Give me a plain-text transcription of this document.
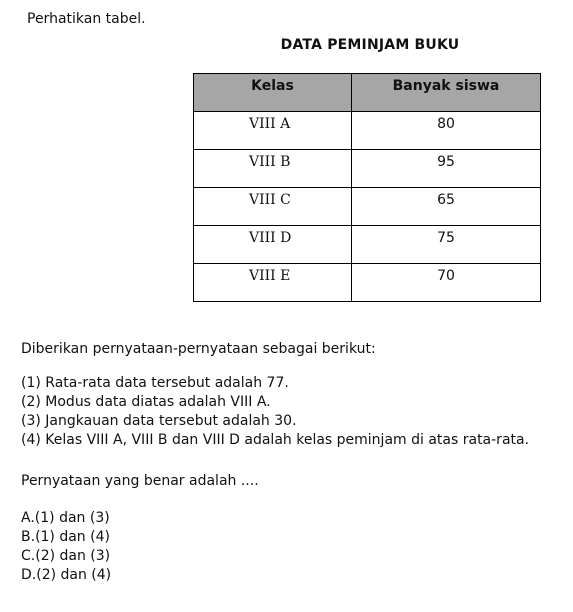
Perhatikan tabel.
DATA PEMINJAM BUKU
Kelas	Banyak siswa
VIII A	80
VIII B	95
VIII C	65
VIII D	75
VIII E	70
Diberikan pernyataan-pernyataan sebagai berikut:
(1) Rata-rata data tersebut adalah 77.
(2) Modus data diatas adalah VIII A.
(3) Jangkauan data tersebut adalah 30.
(4) Kelas VIII A, VIII B dan VIII D adalah kelas peminjam di atas rata-rata.
Pernyataan yang benar adalah ....
A.(1) dan (3)
B.(1) dan (4)
C.(2) dan (3)
D.(2) dan (4)
